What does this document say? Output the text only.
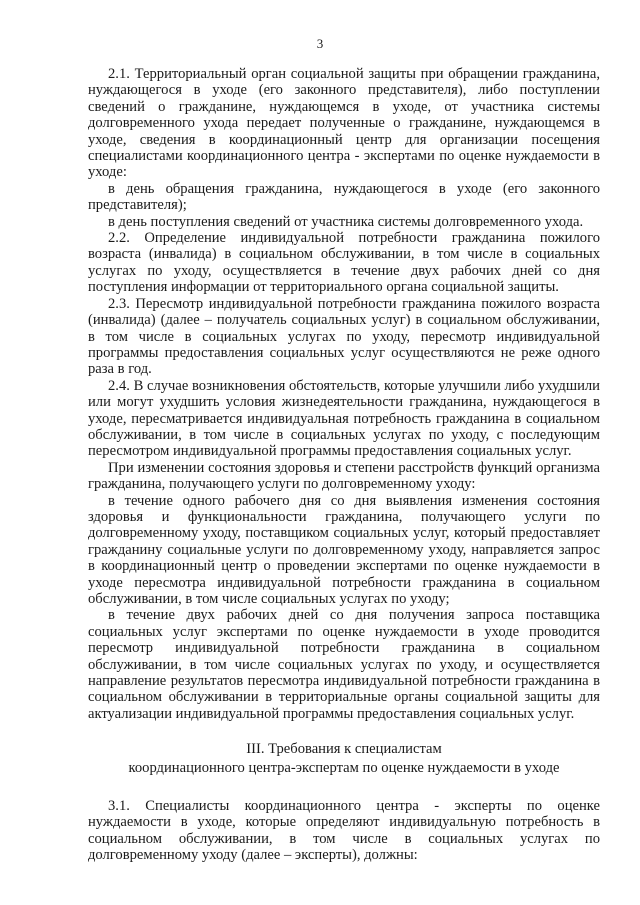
3

2.1. Территориальный орган социальной защиты при обращении гражданина, нуждающегося в уходе (его законного представителя), либо поступлении сведений о гражданине, нуждающемся в уходе, от участника системы долговременного ухода передает полученные о гражданине, нуждающемся в уходе, сведения в координационный центр для организации посещения специалистами координационного центра - экспертами по оценке нуждаемости в уходе:

в день обращения гражданина, нуждающегося в уходе (его законного представителя);

в день поступления сведений от участника системы долговременного ухода.

2.2. Определение индивидуальной потребности гражданина пожилого возраста (инвалида) в социальном обслуживании, в том числе в социальных услугах по уходу, осуществляется в течение двух рабочих дней со дня поступления информации от территориального органа социальной защиты.

2.3. Пересмотр индивидуальной потребности гражданина пожилого возраста (инвалида) (далее – получатель социальных услуг) в социальном обслуживании, в том числе в социальных услугах по уходу, пересмотр индивидуальной программы предоставления социальных услуг осуществляются не реже одного раза в год.

2.4. В случае возникновения обстоятельств, которые улучшили либо ухудшили или могут ухудшить условия жизнедеятельности гражданина, нуждающегося в уходе, пересматривается индивидуальная потребность гражданина в социальном обслуживании, в том числе в социальных услугах по уходу, с последующим пересмотром индивидуальной программы предоставления социальных услуг.

При изменении состояния здоровья и степени расстройств функций организма гражданина, получающего услуги по долговременному уходу:

в течение одного рабочего дня со дня выявления изменения состояния здоровья и функциональности гражданина, получающего услуги по долговременному уходу, поставщиком социальных услуг, который предоставляет гражданину социальные услуги по долговременному уходу, направляется запрос в координационный центр о проведении экспертами по оценке нуждаемости в уходе пересмотра индивидуальной потребности гражданина в социальном обслуживании, в том числе социальных услугах по уходу;

в течение двух рабочих дней со дня получения запроса поставщика социальных услуг экспертами по оценке нуждаемости в уходе проводится пересмотр индивидуальной потребности гражданина в социальном обслуживании, в том числе социальных услугах по уходу, и осуществляется направление результатов пересмотра индивидуальной потребности гражданина в социальном обслуживании в территориальные органы социальной защиты для актуализации индивидуальной программы предоставления социальных услуг.

III. Требования к специалистам
координационного центра-экспертам по оценке нуждаемости в уходе

3.1. Специалисты координационного центра - эксперты по оценке нуждаемости в уходе, которые определяют индивидуальную потребность в социальном обслуживании, в том числе в социальных услугах по долговременному уходу (далее – эксперты), должны:
